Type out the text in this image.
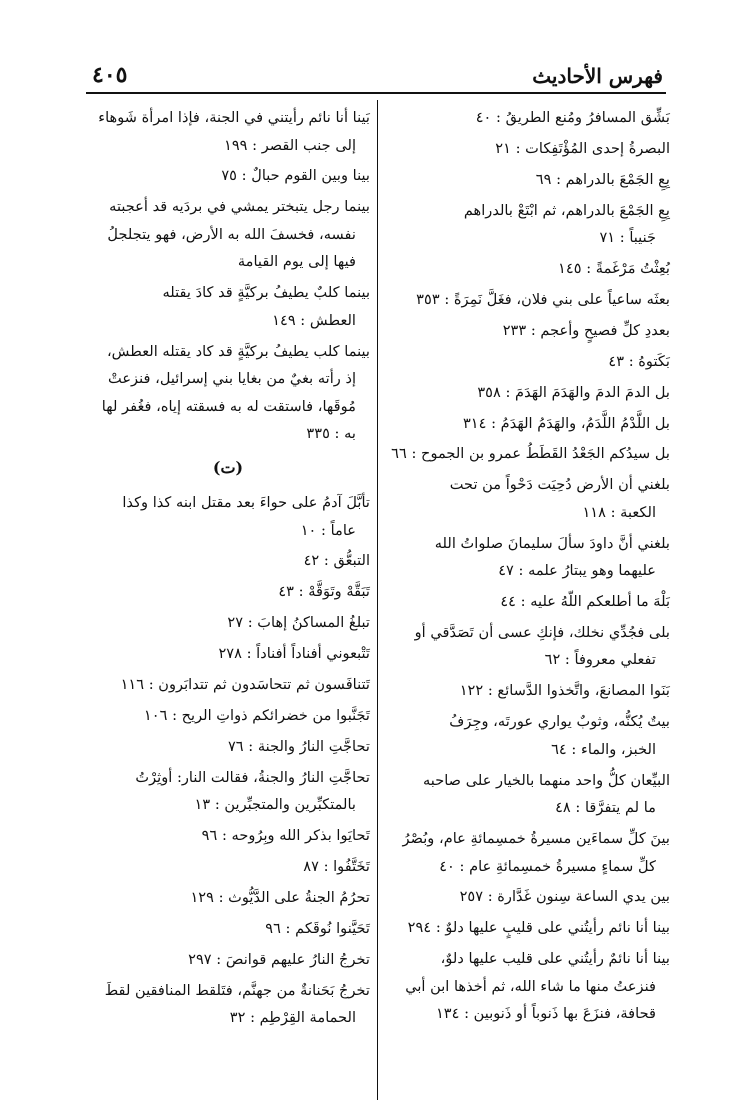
٤٠٥	فهرس الأحاديث
بَشِّق المسافرُ ومُنع الطريقُ : ٤٠
البصرةُ إحدى المُؤْتَفِكات : ٢١
بِعِ الجَمْعَ بالدراهم : ٦٩
بِعِ الجَمْعَ بالدراهم، ثم ابْتَعْ بالدراهم
جَنيباً : ٧١
بُعِثْتُ مَرْغَمةً : ١٤٥
بعثَه ساعياً على بني فلان، فغَلَّ نَمِرَةً : ٣٥٣
بعددِ كلِّ فصيحٍ وأعجم : ٢٣٣
بَكَتوهُ : ٤٣
بل الدمَ الدمَ والهَدَمَ الهَدَمَ : ٣٥٨
بل اللَّدْمُ اللَّدَمُ، والهَدَمُ الهَدَمُ : ٣١٤
بل سيدُكم الجَعْدُ القَطَطُ عمرو بن الجموح : ٦٦
بلغني أن الأرض دُحِيَت دَحْواً من تحت
الكعبة : ١١٨
بلغني أنَّ داودَ سألَ سليمانَ صلواتُ الله
عليهما وهو يبتارُ علمه : ٤٧
بَلْهَ ما أطلعكم اللّهُ عليه : ٤٤
بلى فجُدِّي نخلك، فإنكِ عسى أن تَصَدَّقي أو
تفعلي معروفاً : ٦٢
بَنَوا المصانعَ، واتَّخذوا الدَّسائع : ١٢٢
بيتٌ يُكنُّه، وثوبٌ يواري عورتَه، وجِرَفُ
الخبز، والماء : ٦٤
البيِّعان كلُّ واحد منهما بالخيار على صاحبه
ما لم يتفرَّقا : ٤٨
بينَ كلِّ سماءَين مسيرةُ خمسِمائةِ عام، وبُصْرُ
كلِّ سماءٍ مسيرةُ خمسِمائةِ عام : ٤٠
بين يدي الساعة سِنون غَدَّارة : ٢٥٧
بينا أنا نائم رأيتُني على قليبٍ عليها دلوٌ : ٢٩٤
بينا أنا نائمٌ رأيتُني على قليب عليها دلوٌ،
فنزعتُ منها ما شاء الله، ثم أخذها ابن أبي
قحافة، فنزَعَ بها ذَنوباً أو ذَنوبين : ١٣٤
بَينا أنا نائم رأيتني في الجنة، فإذا امرأة شَوهاء
إلى جنب القصر : ١٩٩
بينا وبين القوم حبالٌ : ٧٥
بينما رجل يتبختر يمشي في بردَيه قد أعجبته
نفسه، فخسفَ الله به الأرض، فهو يتجلجلُ
فيها إلى يوم القيامة
بينما كلبٌ يطيفُ بركيَّةٍ قد كادَ يقتله
العطش : ١٤٩
بينما كلب يطيفُ بركيَّةٍ قد كاد يقتله العطش،
إذ رأته بغيٌ من بغايا بني إسرائيل، فنزعتْ
مُوقَها، فاستقت له به فسقته إياه، فغُفر لها
به : ٣٣٥
(ت)
تأبَّلَ آدمُ على حواءَ بعد مقتل ابنه كذا وكذا
عاماً : ١٠
التبعُّق : ٤٢
تَبَقَّهْ وتَوَقَّهْ : ٤٣
تبلغُ المساكنُ إهابَ : ٢٧
تَتْبعوني أفناداً أفناداً : ٢٧٨
تَتنافَسون ثم تتحاسَدون ثم تتدابَرون : ١١٦
تَجَنَّبوا من خضرائكم ذواتِ الريح : ١٠٦
تحاجَّتِ النارُ والجنة : ٧٦
تحاجَّتِ النارُ والجنةُ، فقالت النار: أوثِرْتُ
بالمتكبِّرين والمتجبِّرين : ١٣
تَحايَوا بذكر الله وبِرُوحه : ٩٦
تَخَتَّفُوا : ٨٧
تحرُمُ الجنةُ على الدَّيُّوث : ١٢٩
تَحَيَّنوا نُوقَكم : ٩٦
تخرجُ النارُ عليهم قوانصَ : ٢٩٧
تخرجُ بَحَنانةٌ من جهنَّم، فتَلقط المنافقين لقطَ
الحمامة القِرْطِم : ٣٢
